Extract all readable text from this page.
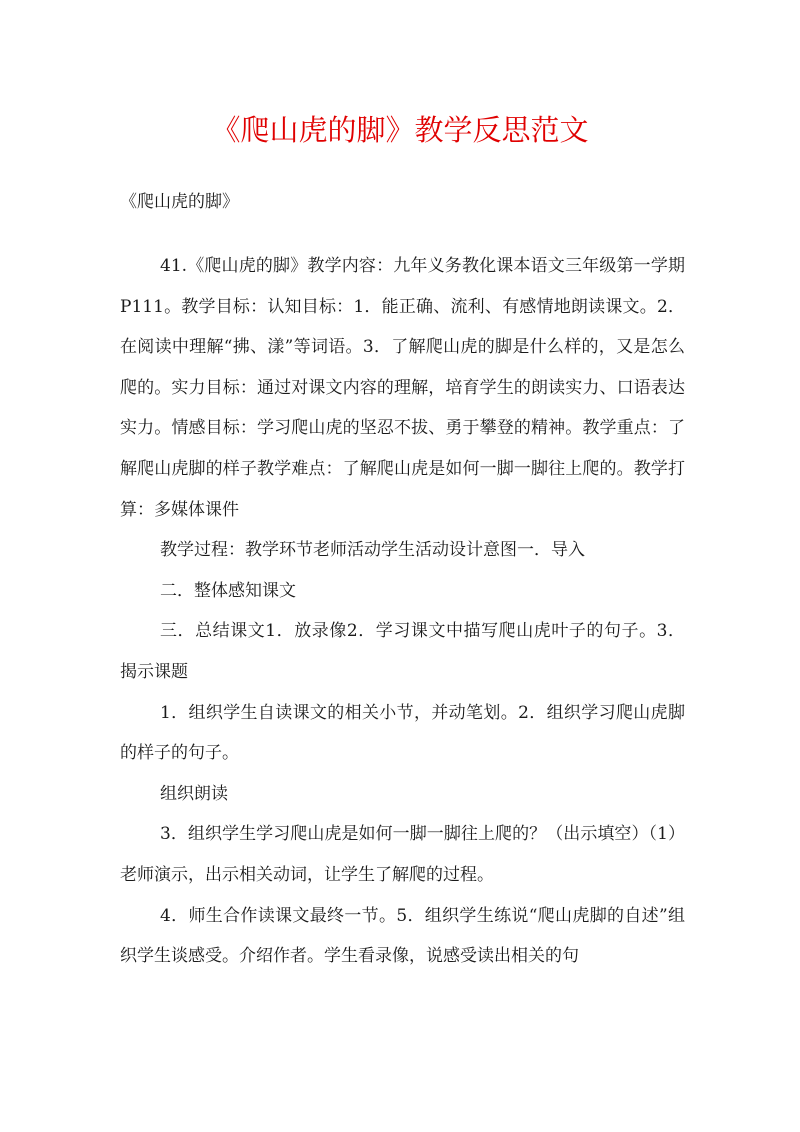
《爬山虎的脚》教学反思范文

《爬山虎的脚》

41.《爬山虎的脚》教学内容：九年义务教化课本语文三年级第一学期P111。教学目标：认知目标：1．能正确、流利、有感情地朗读课文。2．在阅读中理解“拂、漾”等词语。3．了解爬山虎的脚是什么样的，又是怎么爬的。实力目标：通过对课文内容的理解，培育学生的朗读实力、口语表达实力。情感目标：学习爬山虎的坚忍不拔、勇于攀登的精神。教学重点：了解爬山虎脚的样子教学难点：了解爬山虎是如何一脚一脚往上爬的。教学打算：多媒体课件

教学过程：教学环节老师活动学生活动设计意图一．导入

二．整体感知课文

三．总结课文1．放录像2．学习课文中描写爬山虎叶子的句子。3．揭示课题

1．组织学生自读课文的相关小节，并动笔划。2．组织学习爬山虎脚的样子的句子。

组织朗读

3．组织学生学习爬山虎是如何一脚一脚往上爬的？（出示填空）（1）老师演示，出示相关动词，让学生了解爬的过程。

4．师生合作读课文最终一节。5．组织学生练说“爬山虎脚的自述”组织学生谈感受。介绍作者。学生看录像，说感受读出相关的句
